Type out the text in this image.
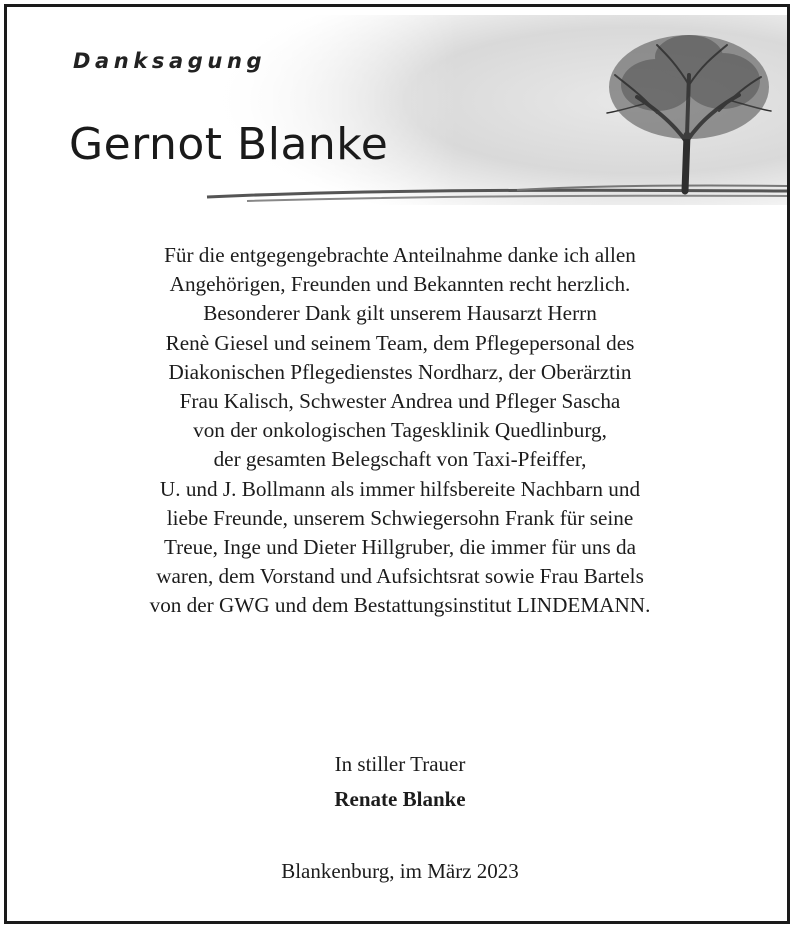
Danksagung
Gernot Blanke
Für die entgegengebrachte Anteilnahme danke ich allen
Angehörigen, Freunden und Bekannten recht herzlich.
Besonderer Dank gilt unserem Hausarzt Herrn
Renè Giesel und seinem Team, dem Pflegepersonal des
Diakonischen Pflegedienstes Nordharz, der Oberärztin
Frau Kalisch, Schwester Andrea und Pfleger Sascha
von der onkologischen Tagesklinik Quedlinburg,
der gesamten Belegschaft von Taxi-Pfeiffer,
U. und J. Bollmann als immer hilfsbereite Nachbarn und
liebe Freunde, unserem Schwiegersohn Frank für seine
Treue, Inge und Dieter Hillgruber, die immer für uns da
waren, dem Vorstand und Aufsichtsrat sowie Frau Bartels
von der GWG und dem Bestattungsinstitut LINDEMANN.
In stiller Trauer
Renate Blanke
Blankenburg, im März 2023
